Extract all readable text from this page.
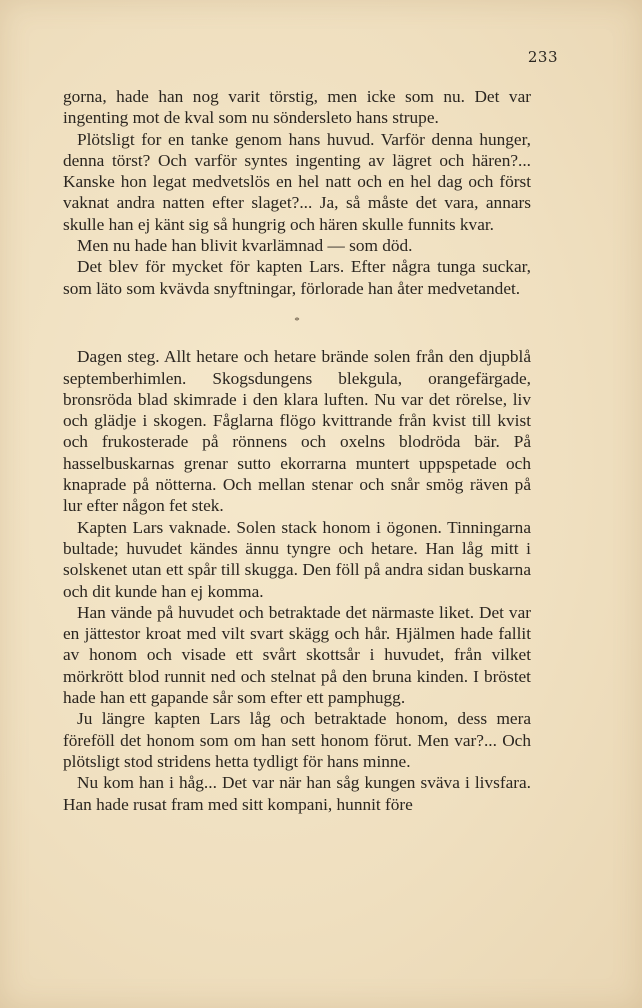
233

gorna, hade han nog varit törstig, men icke som nu. Det var ingenting mot de kval som nu söndersleto hans strupe.

Plötsligt for en tanke genom hans huvud. Varför denna hunger, denna törst? Och varför syntes ingenting av lägret och hären?... Kanske hon legat medvetslös en hel natt och en hel dag och först vaknat andra natten efter slaget?... Ja, så måste det vara, annars skulle han ej känt sig så hungrig och hären skulle funnits kvar.

Men nu hade han blivit kvarlämnad — som död.

Det blev för mycket för kapten Lars. Efter några tunga suckar, som läto som kvävda snyftningar, förlorade han åter medvetandet.

*

Dagen steg. Allt hetare och hetare brände solen från den djupblå septemberhimlen. Skogsdungens blekgula, orangefärgade, bronsröda blad skimrade i den klara luften. Nu var det rörelse, liv och glädje i skogen. Fåglarna flögo kvittrande från kvist till kvist och frukosterade på rönnens och oxelns blodröda bär. På hasselbuskarnas grenar sutto ekorrarna muntert uppspetade och knaprade på nötterna. Och mellan stenar och snår smög räven på lur efter någon fet stek.

Kapten Lars vaknade. Solen stack honom i ögonen. Tinningarna bultade; huvudet kändes ännu tyngre och hetare. Han låg mitt i solskenet utan ett spår till skugga. Den föll på andra sidan buskarna och dit kunde han ej komma.

Han vände på huvudet och betraktade det närmaste liket. Det var en jättestor kroat med vilt svart skägg och hår. Hjälmen hade fallit av honom och visade ett svårt skottsår i huvudet, från vilket mörkrött blod runnit ned och stelnat på den bruna kinden. I bröstet hade han ett gapande sår som efter ett pamphugg.

Ju längre kapten Lars låg och betraktade honom, dess mera föreföll det honom som om han sett honom förut. Men var?... Och plötsligt stod stridens hetta tydligt för hans minne.

Nu kom han i håg... Det var när han såg kungen sväva i livsfara. Han hade rusat fram med sitt kompani, hunnit före
